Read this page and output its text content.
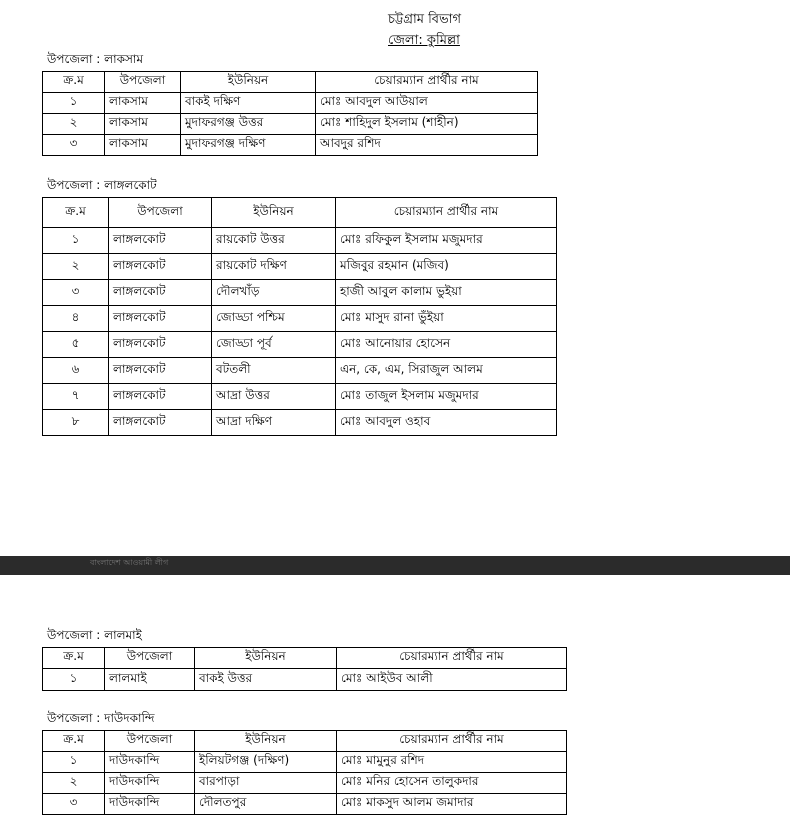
চট্টগ্রাম বিভাগ
জেলা: কুমিল্লা
উপজেলা : লাকসাম
ক্র.ম	উপজেলা	ইউনিয়ন	চেয়ারম্যান প্রার্থীর নাম
১	লাকসাম	বাকই দক্ষিণ	মোঃ আবদুল আউয়াল
২	লাকসাম	মুদাফরগঞ্জ উত্তর	মোঃ শাহিদুল ইসলাম (শাহীন)
৩	লাকসাম	মুদাফরগঞ্জ দক্ষিণ	আবদুর রশিদ
উপজেলা : লাঙ্গলকোট
ক্র.ম	উপজেলা	ইউনিয়ন	চেয়ারম্যান প্রার্থীর নাম
১	লাঙ্গলকোট	রায়কোট উত্তর	মোঃ রফিকুল ইসলাম মজুমদার
২	লাঙ্গলকোট	রায়কোট দক্ষিণ	মজিবুর রহমান (মজিব)
৩	লাঙ্গলকোট	দৌলখাঁড়	হাজী আবুল কালাম ভুইয়া
৪	লাঙ্গলকোট	জোড্ডা পশ্চিম	মোঃ মাসুদ রানা ভুঁইয়া
৫	লাঙ্গলকোট	জোড্ডা পূর্ব	মোঃ আনোয়ার হোসেন
৬	লাঙ্গলকোট	বটতলী	এন, কে, এম, সিরাজুল আলম
৭	লাঙ্গলকোট	আদ্রা উত্তর	মোঃ তাজুল ইসলাম মজুমদার
৮	লাঙ্গলকোট	আদ্রা দক্ষিণ	মোঃ আবদুল ওহাব
বাংলাদেশ আওয়ামী লীগ
উপজেলা : লালমাই
ক্র.ম	উপজেলা	ইউনিয়ন	চেয়ারম্যান প্রার্থীর নাম
১	লালমাই	বাকই উত্তর	মোঃ আইউব আলী
উপজেলা : দাউদকান্দি
ক্র.ম	উপজেলা	ইউনিয়ন	চেয়ারম্যান প্রার্থীর নাম
১	দাউদকান্দি	ইলিয়টগঞ্জ (দক্ষিণ)	মোঃ মামুনুর রশিদ
২	দাউদকান্দি	বারপাড়া	মোঃ মনির হোসেন তালুকদার
৩	দাউদকান্দি	দৌলতপুর	মোঃ মাকসুদ আলম জমাদার
